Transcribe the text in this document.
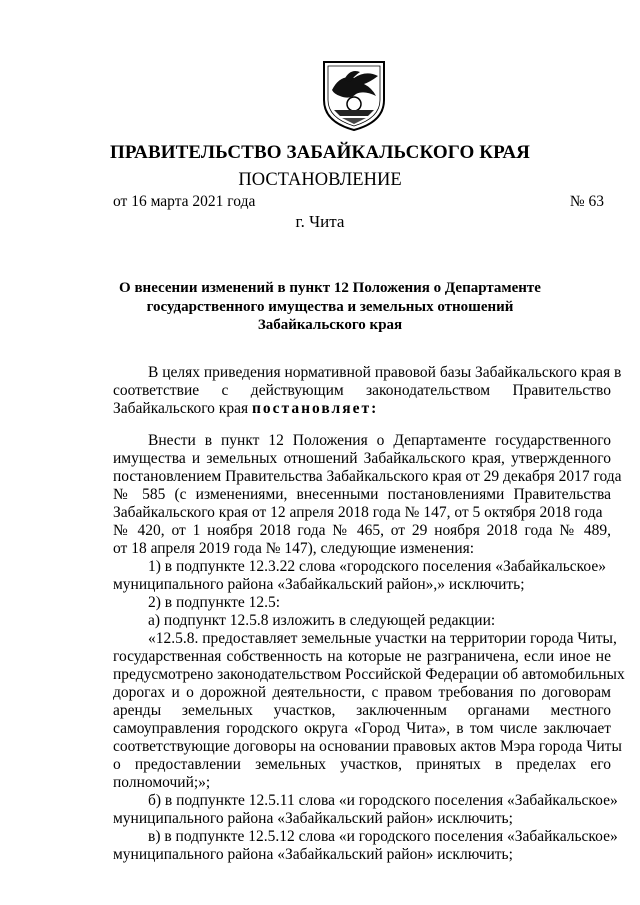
ПРАВИТЕЛЬСТВО ЗАБАЙКАЛЬСКОГО КРАЯ
ПОСТАНОВЛЕНИЕ
от 16 марта 2021 года	№ 63
г. Чита
О внесении изменений в пункт 12 Положения о Департаменте
государственного имущества и земельных отношений
Забайкальского края
В целях приведения нормативной правовой базы Забайкальского края в
соответствие с действующим законодательством Правительство
Забайкальского края постановляет:
Внести в пункт 12 Положения о Департаменте государственного
имущества и земельных отношений Забайкальского края, утвержденного
постановлением Правительства Забайкальского края от 29 декабря 2017 года
№ 585 (с изменениями, внесенными постановлениями Правительства
Забайкальского края от 12 апреля 2018 года № 147, от 5 октября 2018 года
№ 420, от 1 ноября 2018 года № 465, от 29 ноября 2018 года № 489,
от 18 апреля 2019 года № 147), следующие изменения:
1) в подпункте 12.3.22 слова «городского поселения «Забайкальское»
муниципального района «Забайкальский район»,» исключить;
2) в подпункте 12.5:
а) подпункт 12.5.8 изложить в следующей редакции:
«12.5.8. предоставляет земельные участки на территории города Читы,
государственная собственность на которые не разграничена, если иное не
предусмотрено законодательством Российской Федерации об автомобильных
дорогах и о дорожной деятельности, с правом требования по договорам
аренды земельных участков, заключенным органами местного
самоуправления городского округа «Город Чита», в том числе заключает
соответствующие договоры на основании правовых актов Мэра города Читы
о предоставлении земельных участков, принятых в пределах его
полномочий;»;
б) в подпункте 12.5.11 слова «и городского поселения «Забайкальское»
муниципального района «Забайкальский район» исключить;
в) в подпункте 12.5.12 слова «и городского поселения «Забайкальское»
муниципального района «Забайкальский район» исключить;
